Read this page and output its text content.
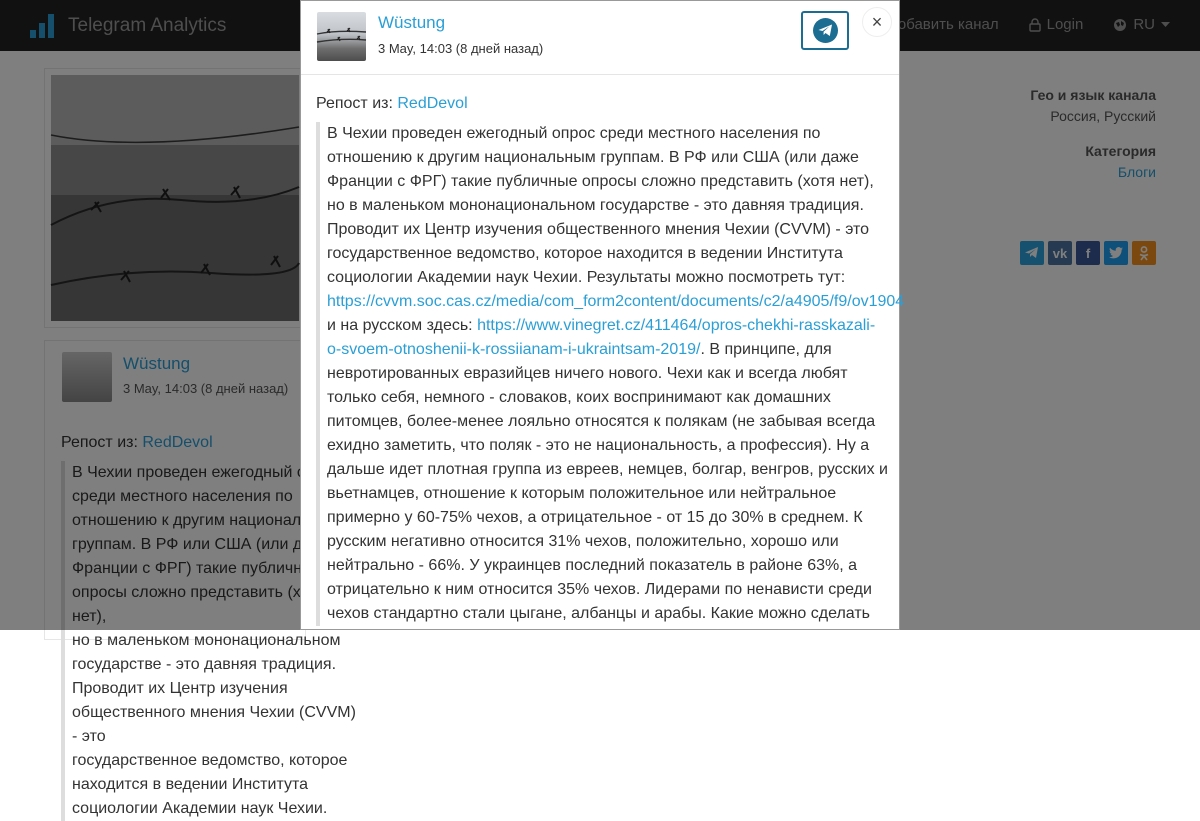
но в маленьком мононациональном государстве - это давняя традиция.
Проводит их Центр изучения общественного мнения Чехии (CVVM) - это
государственное ведомство, которое находится в ведении Института
социологии Академии наук Чехии.
Wüstung
3 May, 14:03 (8 дней назад)
Репост из: RedDevol
В Чехии проведен ежегодный опрос среди местного населения по отношению к другим национальным группам. В РФ или США (или даже Франции с ФРГ) такие публичные опросы сложно представить (хотя нет), но в маленьком мононациональном государстве - это давняя традиция. Проводит их Центр изучения общественного мнения Чехии (CVVM) - это государственное ведомство, которое находится в ведении Института социологии Академии наук Чехии. Результаты можно посмотреть тут: https://cvvm.soc.cas.cz/media/com_form2content/documents/c2/a4905/f9/ov1904 и на русском здесь: https://www.vinegret.cz/411464/opros-chekhi-rasskazali-o-svoem-otnoshenii-k-rossiianam-i-ukraintsam-2019/. В принципе, для невротированных евразийцев ничего нового. Чехи как и всегда любят только себя, немного - словаков, коих воспринимают как домашних питомцев, более-менее лояльно относятся к полякам (не забывая всегда ехидно заметить, что поляк - это не национальность, а профессия). Ну а дальше идет плотная группа из евреев, немцев, болгар, венгров, русских и вьетнамцев, отношение к которым положительное или нейтральное примерно у 60-75% чехов, а отрицательное - от 15 до 30% в среднем. К русским негативно относится 31% чехов, положительно, хорошо или нейтрально - 66%. У украинцев последний показатель в районе 63%, а отрицательно к ним относится 35% чехов. Лидерами по ненависти среди чехов стандартно стали цыгане, албанцы и арабы. Какие можно сделать
×
